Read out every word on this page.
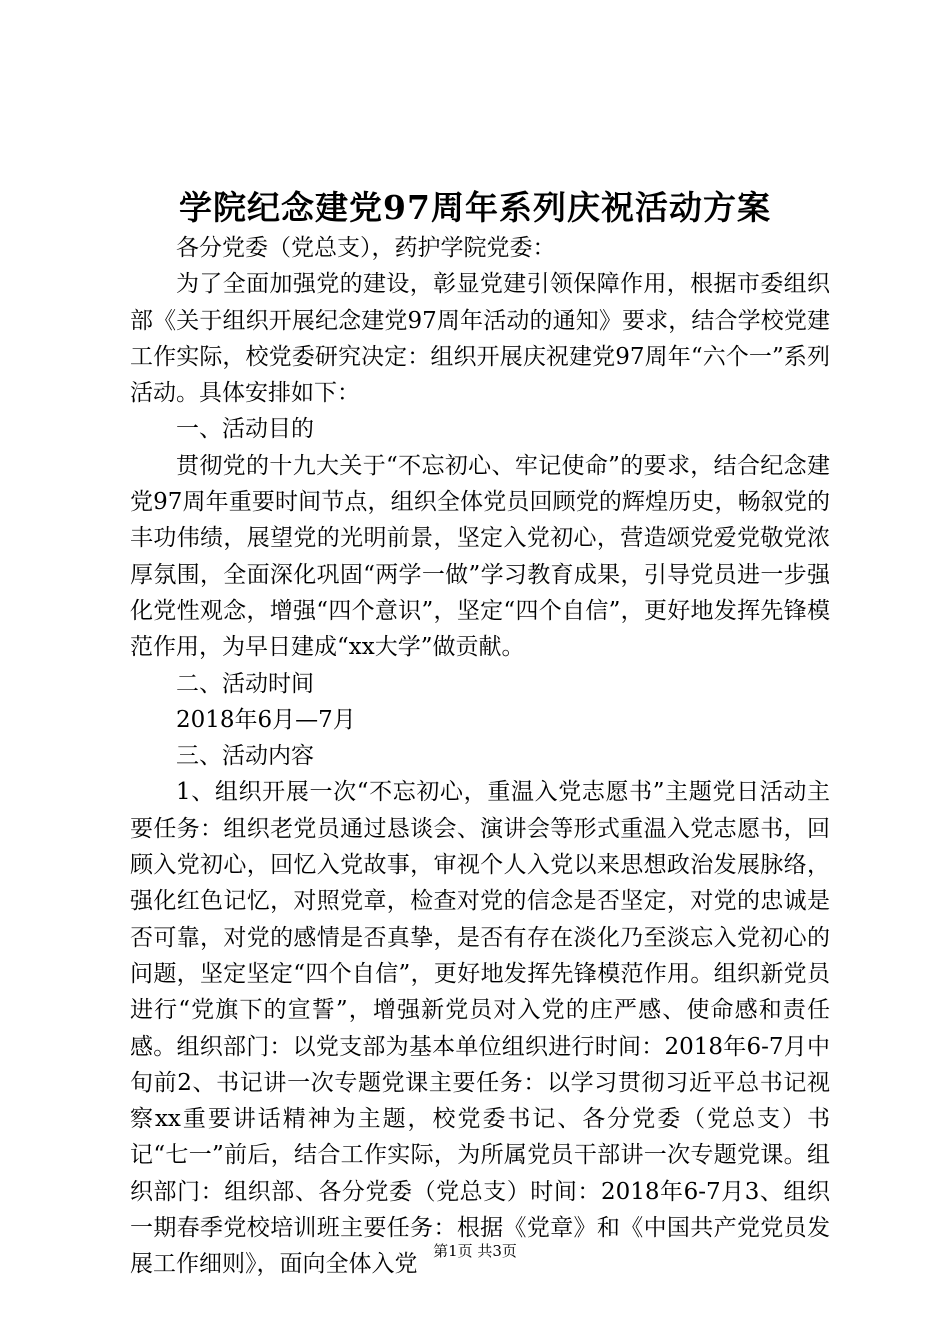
学院纪念建党97周年系列庆祝活动方案

各分党委（党总支），药护学院党委：

为了全面加强党的建设，彰显党建引领保障作用，根据市委组织部《关于组织开展纪念建党97周年活动的通知》要求，结合学校党建工作实际，校党委研究决定：组织开展庆祝建党97周年“六个一”系列活动。具体安排如下：

一、活动目的

贯彻党的十九大关于“不忘初心、牢记使命”的要求，结合纪念建党97周年重要时间节点，组织全体党员回顾党的辉煌历史，畅叙党的丰功伟绩，展望党的光明前景，坚定入党初心，营造颂党爱党敬党浓厚氛围，全面深化巩固“两学一做”学习教育成果，引导党员进一步强化党性观念，增强“四个意识”，坚定“四个自信”，更好地发挥先锋模范作用，为早日建成“xx大学”做贡献。

二、活动时间

2018年6月—7月

三、活动内容

1、组织开展一次“不忘初心，重温入党志愿书”主题党日活动主要任务：组织老党员通过恳谈会、演讲会等形式重温入党志愿书，回顾入党初心，回忆入党故事，审视个人入党以来思想政治发展脉络，强化红色记忆，对照党章，检查对党的信念是否坚定，对党的忠诚是否可靠，对党的感情是否真挚，是否有存在淡化乃至淡忘入党初心的问题，坚定坚定“四个自信”，更好地发挥先锋模范作用。组织新党员进行“党旗下的宣誓”，增强新党员对入党的庄严感、使命感和责任感。组织部门：以党支部为基本单位组织进行时间：2018年6-7月中旬前2、书记讲一次专题党课主要任务：以学习贯彻习近平总书记视察xx重要讲话精神为主题，校党委书记、各分党委（党总支）书记“七一”前后，结合工作实际，为所属党员干部讲一次专题党课。组织部门：组织部、各分党委（党总支）时间：2018年6-7月3、组织一期春季党校培训班主要任务：根据《党章》和《中国共产党党员发展工作细则》，面向全体入党

第1页 共3页
